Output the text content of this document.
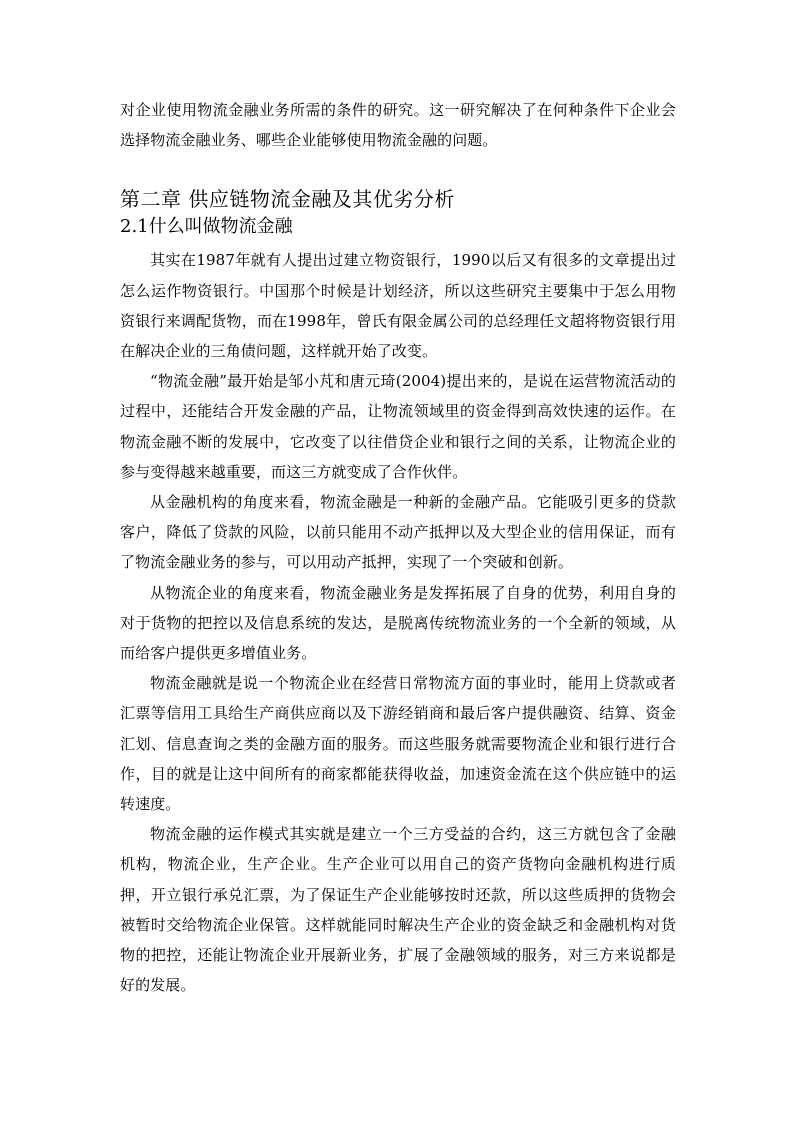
对企业使用物流金融业务所需的条件的研究。这一研究解决了在何种条件下企业会选择物流金融业务、哪些企业能够使用物流金融的问题。

第二章 供应链物流金融及其优劣分析
2.1什么叫做物流金融

其实在1987年就有人提出过建立物资银行，1990以后又有很多的文章提出过怎么运作物资银行。中国那个时候是计划经济，所以这些研究主要集中于怎么用物资银行来调配货物，而在1998年，曾氏有限金属公司的总经理任文超将物资银行用在解决企业的三角债问题，这样就开始了改变。

“物流金融”最开始是邹小芃和唐元琦(2004)提出来的，是说在运营物流活动的过程中，还能结合开发金融的产品，让物流领域里的资金得到高效快速的运作。在物流金融不断的发展中，它改变了以往借贷企业和银行之间的关系，让物流企业的参与变得越来越重要，而这三方就变成了合作伙伴。

从金融机构的角度来看，物流金融是一种新的金融产品。它能吸引更多的贷款客户，降低了贷款的风险，以前只能用不动产抵押以及大型企业的信用保证，而有了物流金融业务的参与，可以用动产抵押，实现了一个突破和创新。

从物流企业的角度来看，物流金融业务是发挥拓展了自身的优势，利用自身的对于货物的把控以及信息系统的发达，是脱离传统物流业务的一个全新的领域，从而给客户提供更多增值业务。

物流金融就是说一个物流企业在经营日常物流方面的事业时，能用上贷款或者汇票等信用工具给生产商供应商以及下游经销商和最后客户提供融资、结算、资金汇划、信息查询之类的金融方面的服务。而这些服务就需要物流企业和银行进行合作，目的就是让这中间所有的商家都能获得收益，加速资金流在这个供应链中的运转速度。

物流金融的运作模式其实就是建立一个三方受益的合约，这三方就包含了金融机构，物流企业，生产企业。生产企业可以用自己的资产货物向金融机构进行质押，开立银行承兑汇票，为了保证生产企业能够按时还款，所以这些质押的货物会被暂时交给物流企业保管。这样就能同时解决生产企业的资金缺乏和金融机构对货物的把控，还能让物流企业开展新业务，扩展了金融领域的服务，对三方来说都是好的发展。
